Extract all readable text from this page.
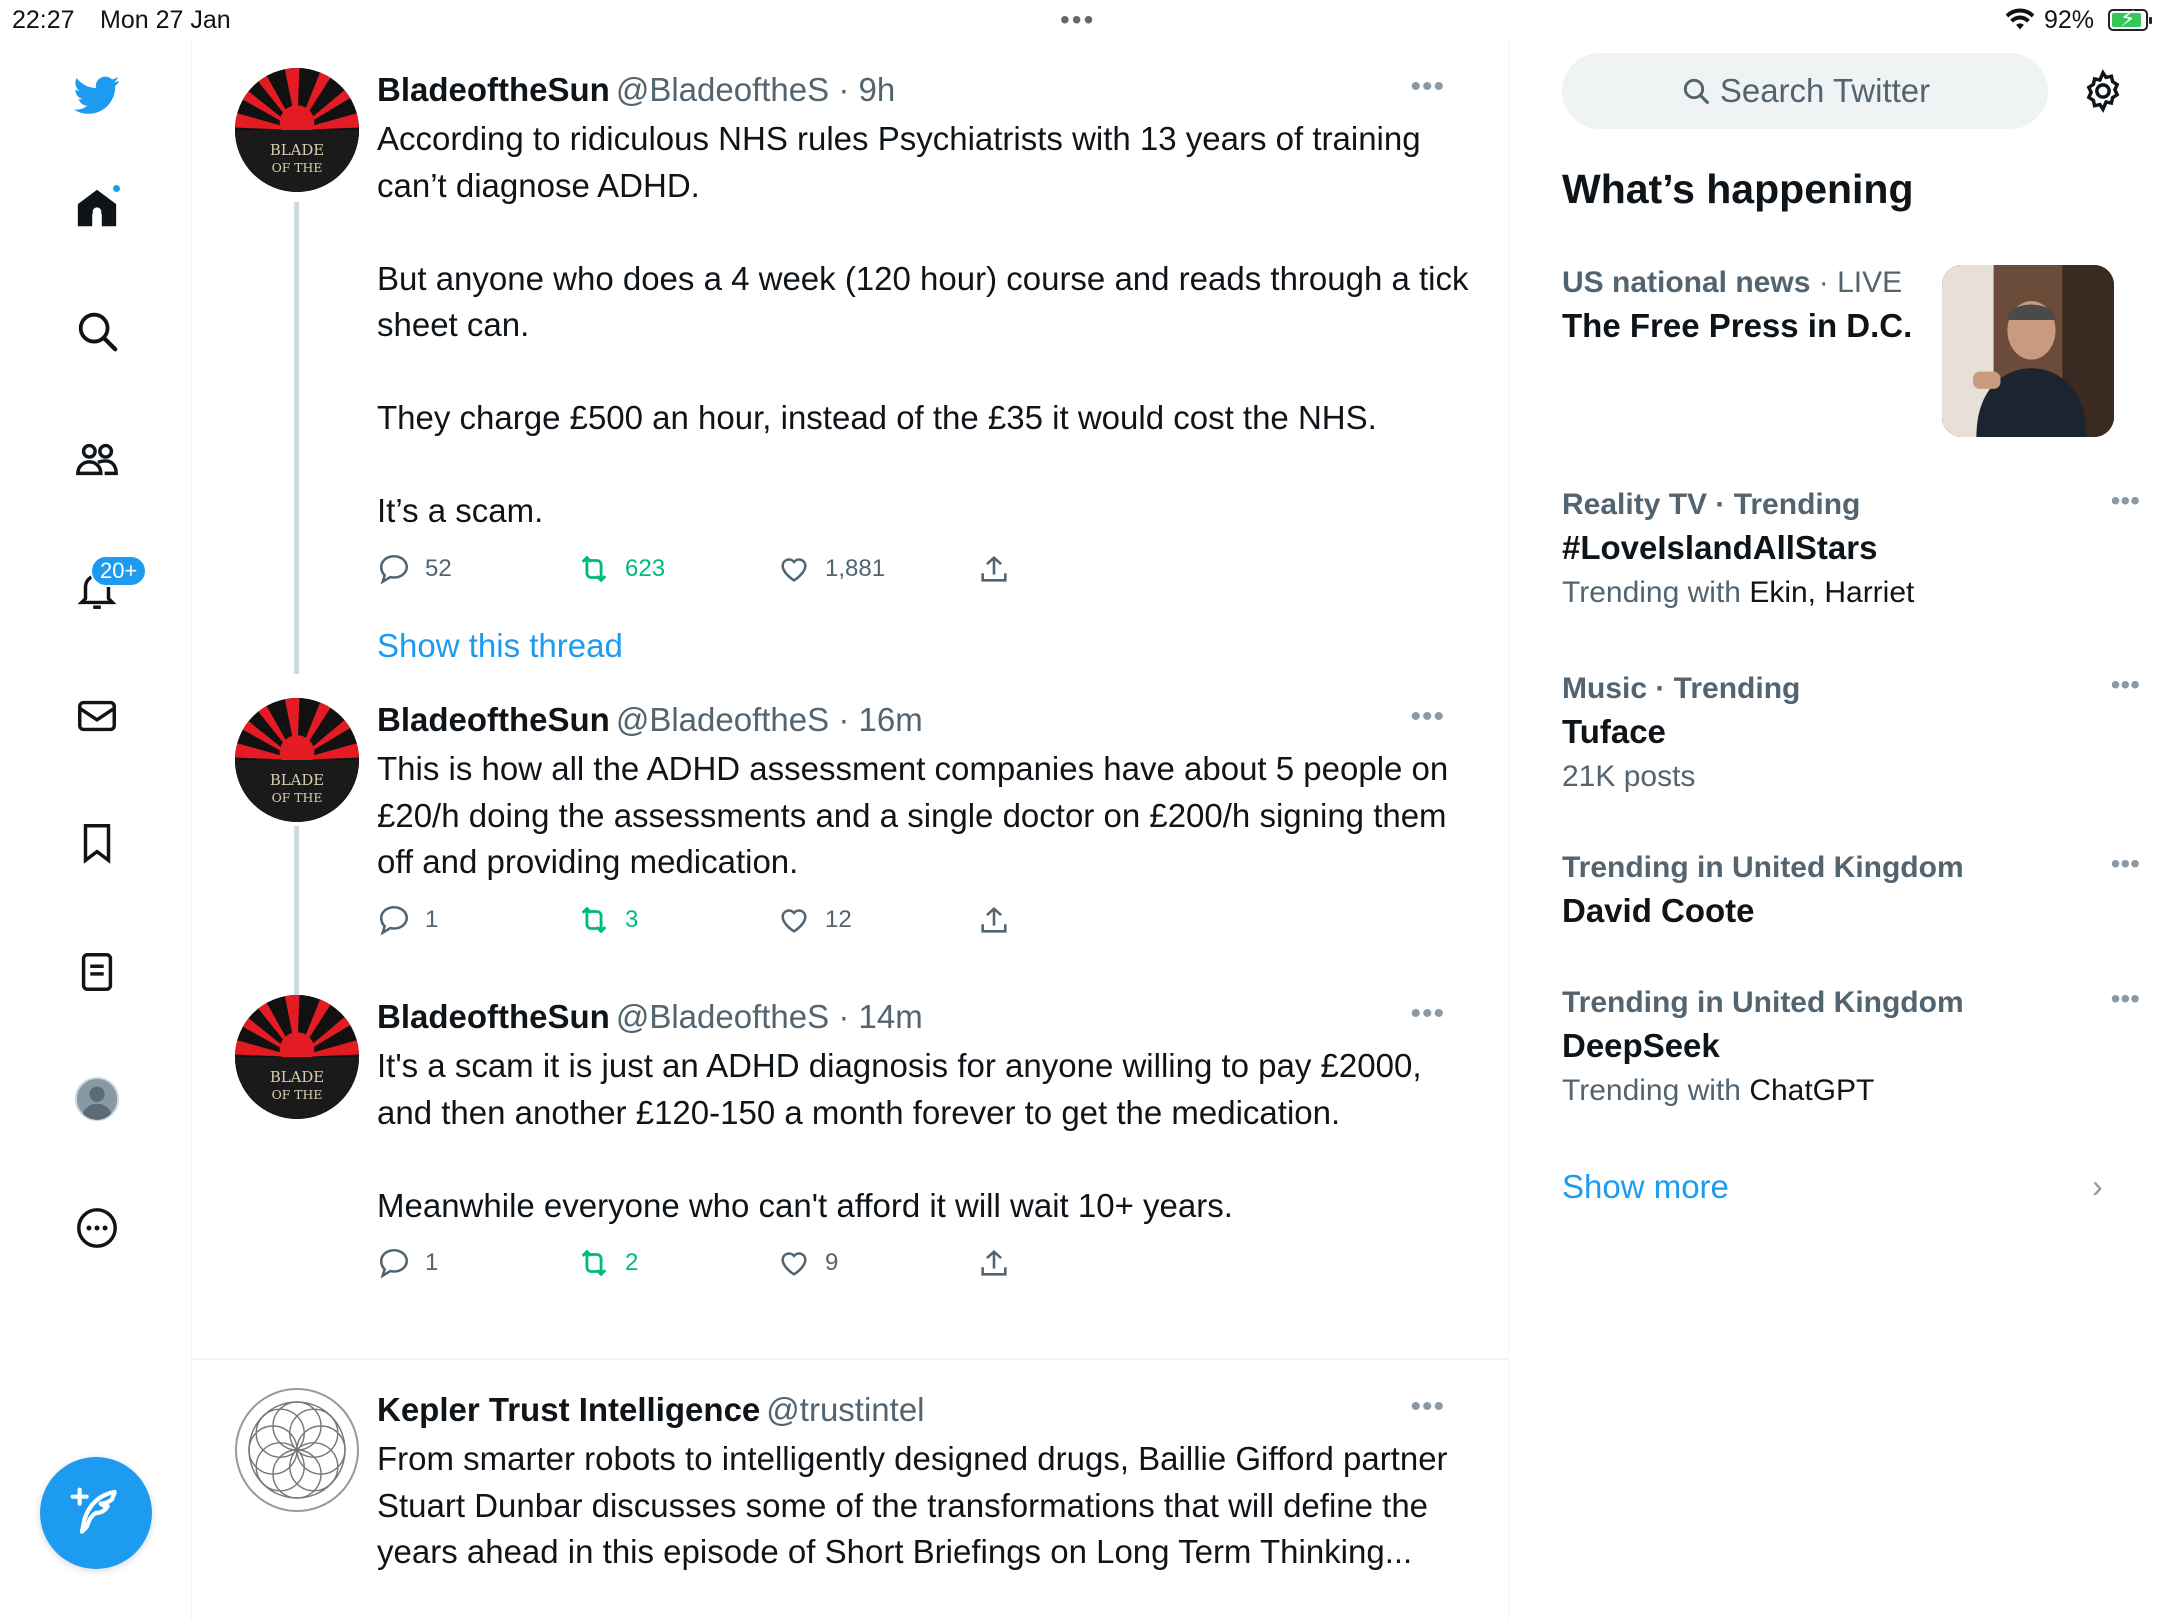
22:27 Mon 27 Jan	•••	92% ⚡
20+
BLADE
OF THE
BladeoftheSun @BladeoftheS · 9h	•••
According to ridiculous NHS rules Psychiatrists with 13 years of training can’t diagnose ADHD.

But anyone who does a 4 week (120 hour) course and reads through a tick sheet can.

They charge £500 an hour, instead of the £35 it would cost the NHS.

It’s a scam.
52	623	1,881
Show this thread
BLADE
OF THE
BladeoftheSun @BladeoftheS · 16m	•••
This is how all the ADHD assessment companies have about 5 people on £20/h doing the assessments and a single doctor on £200/h signing them off and providing medication.
1	3	12
BLADE
OF THE
BladeoftheSun @BladeoftheS · 14m	•••
It's a scam it is just an ADHD diagnosis for anyone willing to pay £2000, and then another £120-150 a month forever to get the medication.

Meanwhile everyone who can't afford it will wait 10+ years.
1	2	9
Kepler Trust Intelligence @trustintel	•••
From smarter robots to intelligently designed drugs, Baillie Gifford partner Stuart Dunbar discusses some of the transformations that will define the years ahead in this episode of Short Briefings on Long Term Thinking...
Search Twitter
What’s happening
US national news · LIVE
The Free Press in D.C.
Reality TV · Trending
#LoveIslandAllStars
Trending with Ekin, Harriet
•••
Music · Trending
Tuface
21K posts
•••
Trending in United Kingdom
David Coote
•••
Trending in United Kingdom
DeepSeek
Trending with ChatGPT
•••
Show more	›
